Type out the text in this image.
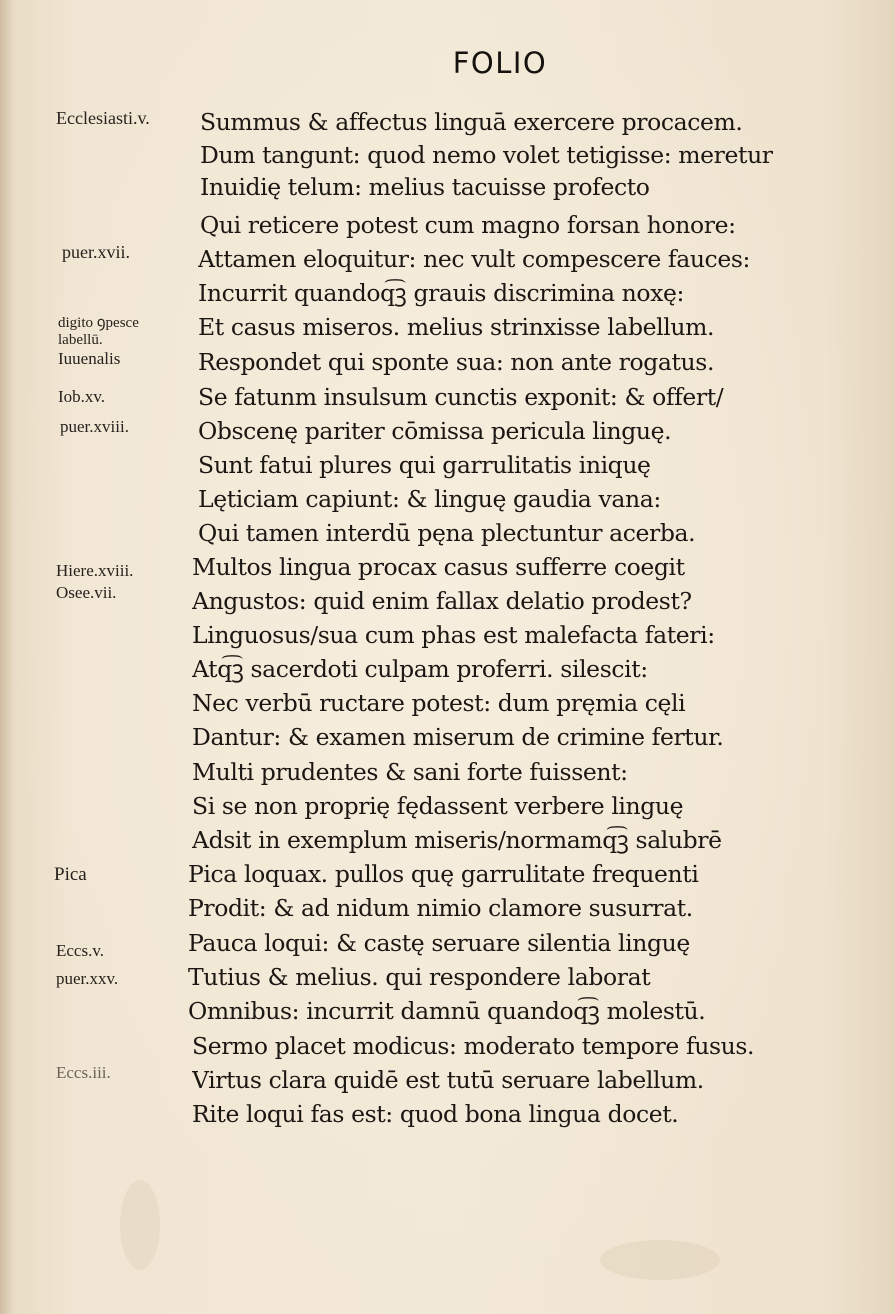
FOLIO
Ecclesiasti.v.
puer.xvii.
digito ꝯpesce
labellū.
Iuuenalis
Iob.xv.
puer.xviii.
Hiere.xviii.
Osee.vii.
Pica
Eccs.v.
puer.xxv.
Eccs.iii.
Summus & affectus linguā exercere procacem.
Dum tangunt: quod nemo volet tetigisse: meretur
Inuidię telum: melius tacuisse profecto
Qui reticere potest cum magno forsan honore:
Attamen eloquitur: nec vult compescere fauces:
Incurrit quandoq͡ꝫ grauis discrimina noxę:
Et casus miseros. melius strinxisse labellum.
Respondet qui sponte sua: non ante rogatus.
Se fatunm insulsum cunctis exponit: & offert/
Obscenę pariter cōmissa pericula linguę.
Sunt fatui plures qui garrulitatis iniquę
Lęticiam capiunt: & linguę gaudia vana:
Qui tamen interdū pęna plectuntur acerba.
Multos lingua procax casus sufferre coegit
Angustos: quid enim fallax delatio prodest?
Linguosus/sua cum phas est malefacta fateri:
Atq͡ꝫ sacerdoti culpam proferri. silescit:
Nec verbū ructare potest: dum pręmia cęli
Dantur: & examen miserum de crimine fertur.
Multi prudentes & sani forte fuissent:
Si se non proprię fędassent verbere linguę
Adsit in exemplum miseris/normamq͡ꝫ salubrē
Pica loquax. pullos quę garrulitate frequenti
Prodit: & ad nidum nimio clamore susurrat.
Pauca loqui: & castę seruare silentia linguę
Tutius & melius. qui respondere laborat
Omnibus: incurrit damnū quandoq͡ꝫ molestū.
Sermo placet modicus: moderato tempore fusus.
Virtus clara quidē est tutū seruare labellum.
Rite loqui fas est: quod bona lingua docet.
